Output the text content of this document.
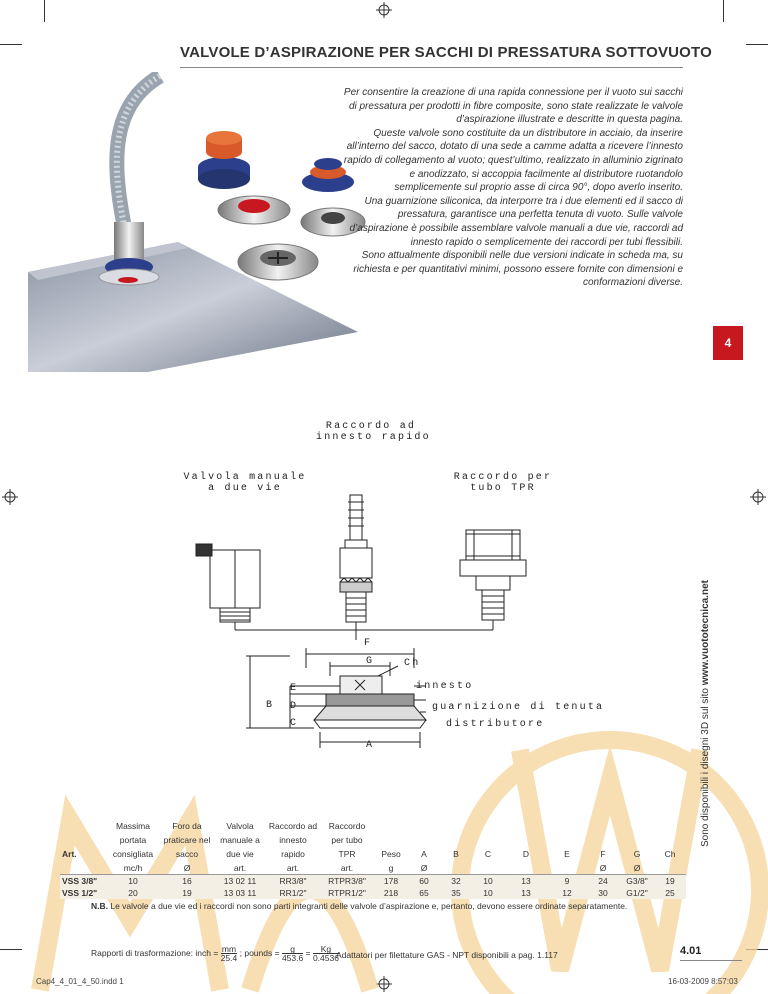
VALVOLE D’ASPIRAZIONE PER SACCHI DI PRESSATURA SOTTOVUOTO

Per consentire la creazione di una rapida connessione per il vuoto sui sacchi di pressatura per prodotti in fibre composite, sono state realizzate le valvole d’aspirazione illustrate e descritte in questa pagina.

Queste valvole sono costituite da un distributore in acciaio, da inserire all’interno del sacco, dotato di una sede a camme adatta a ricevere l’innesto rapido di collegamento al vuoto; quest’ultimo, realizzato in alluminio zigrinato e anodizzato, si accoppia facilmente al distributore ruotandolo semplicemente sul proprio asse di circa 90°, dopo averlo inserito.

Una guarnizione siliconica, da interporre tra i due elementi ed il sacco di pressatura, garantisce una perfetta tenuta di vuoto. Sulle valvole d’aspirazione è possibile assemblare valvole manuali a due vie, raccordi ad innesto rapido o semplicemente dei raccordi per tubi flessibili.

Sono attualmente disponibili nelle due versioni indicate in scheda ma, su richiesta e per quantitativi minimi, possono essere fornite con dimensioni e conformazioni diverse.

4
Sono disponibili i disegni 3D sul sito www.vuototecnica.net
Raccordo ad
innesto rapido
Valvola manuale
a due vie
Raccordo per
tubo TPR
F
G	Ch
B
E
D
C
A
innesto
guarnizione di tenuta
distributore
Art.	Massima portata consigliata	Foro da praticare nel sacco	Valvola manuale a due vie	Raccordo ad innesto rapido	Raccordo per tubo TPR	Peso	A	B	C	D	E	F	G	Ch
	mc/h	Ø	art.	art.	art.	g	Ø					Ø	Ø	
VSS 3/8"	10	16	13 02 11	RR3/8"	RTPR3/8"	178	60	32	10	13	9	24	G3/8"	19
VSS 1/2"	20	19	13 03 11	RR1/2"	RTPR1/2"	218	65	35	10	13	12	30	G1/2"	25
N.B. Le valvole a due vie ed i raccordi non sono parti integranti delle valvole d’aspirazione e, pertanto, devono essere ordinate separatamente.
Rapporti di trasformazione: inch = $\frac{mm}{25.4}$ ; pounds = $\frac{g}{453.6} = \frac{Kg}{0.4536}$
Adattatori per filettature GAS - NPT disponibili a pag. 1.117	4.01
Cap4_4_01_4_50.indd 1	16-03-2009 8:57:03
